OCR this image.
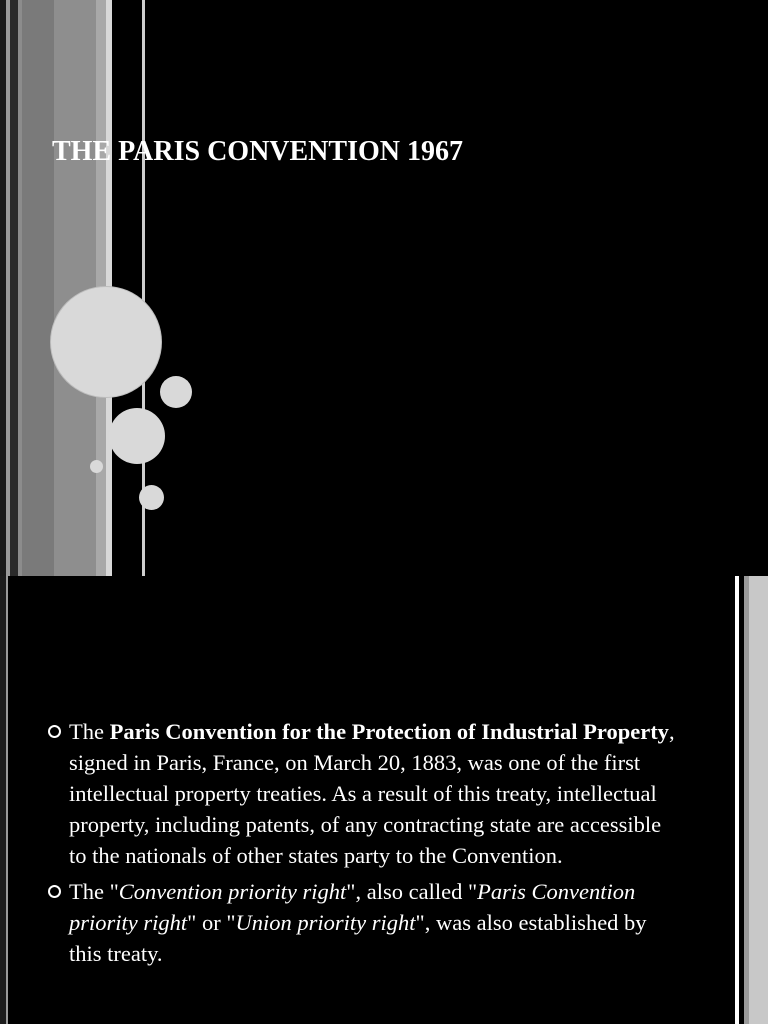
THE PARIS CONVENTION 1967
The Paris Convention for the Protection of Industrial Property, signed in Paris, France, on March 20, 1883, was one of the first intellectual property treaties. As a result of this treaty, intellectual property, including patents, of any contracting state are accessible to the nationals of other states party to the Convention.
The "Convention priority right", also called "Paris Convention priority right" or "Union priority right", was also established by this treaty.
